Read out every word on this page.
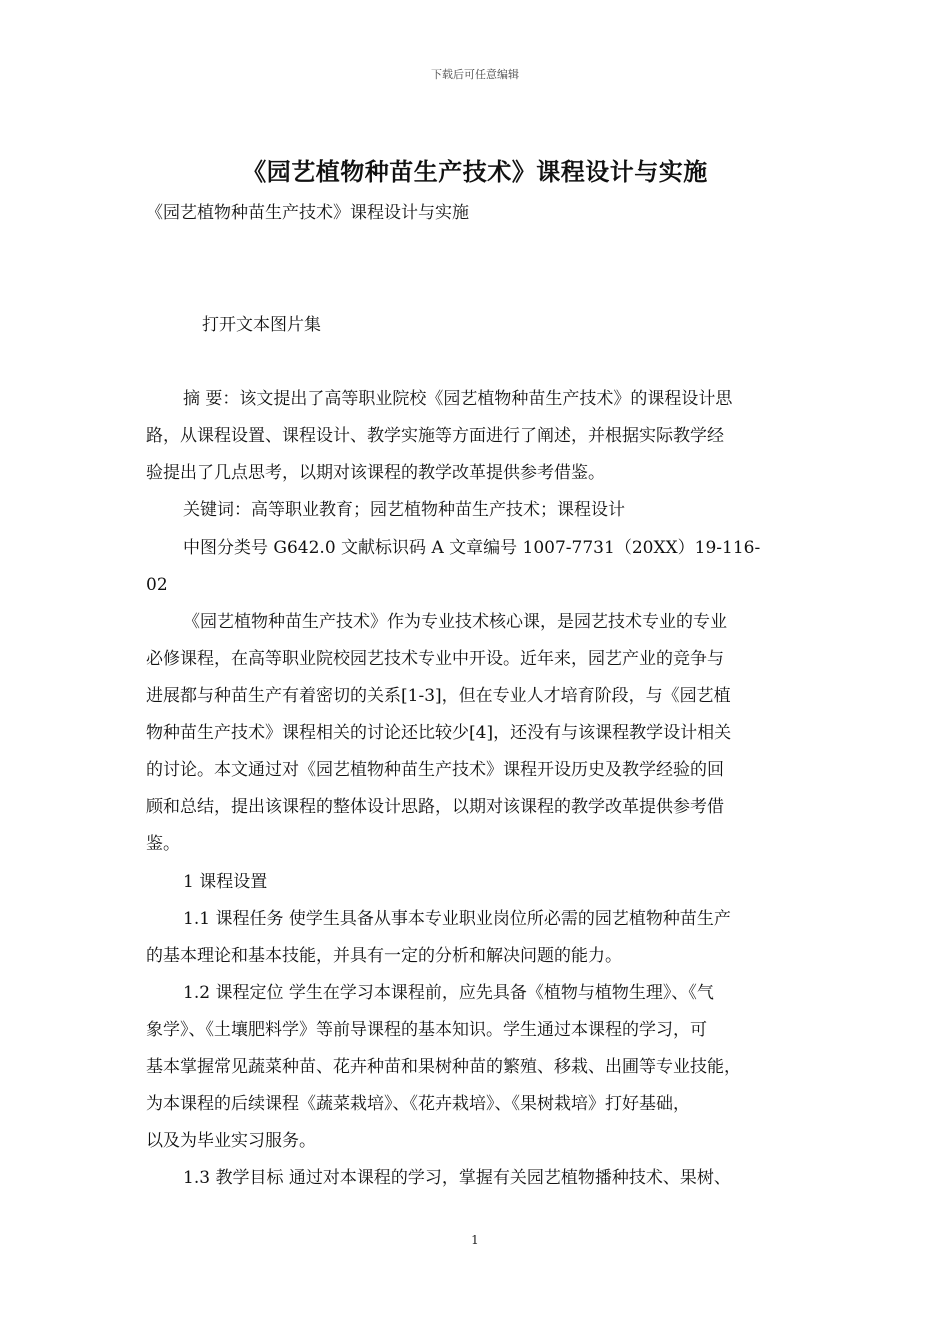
下载后可任意编辑
《园艺植物种苗生产技术》课程设计与实施
《园艺植物种苗生产技术》课程设计与实施
打开文本图片集
摘 要：该文提出了高等职业院校《园艺植物种苗生产技术》的课程设计思
路，从课程设置、课程设计、教学实施等方面进行了阐述，并根据实际教学经
验提出了几点思考，以期对该课程的教学改革提供参考借鉴。
关键词：高等职业教育；园艺植物种苗生产技术；课程设计
中图分类号 G642.0 文献标识码 A 文章编号 1007-7731（20XX）19-116-
02
《园艺植物种苗生产技术》作为专业技术核心课，是园艺技术专业的专业
必修课程，在高等职业院校园艺技术专业中开设。近年来，园艺产业的竞争与
进展都与种苗生产有着密切的关系[1-3]，但在专业人才培育阶段，与《园艺植
物种苗生产技术》课程相关的讨论还比较少[4]，还没有与该课程教学设计相关
的讨论。本文通过对《园艺植物种苗生产技术》课程开设历史及教学经验的回
顾和总结，提出该课程的整体设计思路，以期对该课程的教学改革提供参考借
鉴。
1 课程设置
1.1 课程任务 使学生具备从事本专业职业岗位所必需的园艺植物种苗生产
的基本理论和基本技能，并具有一定的分析和解决问题的能力。
1.2 课程定位 学生在学习本课程前，应先具备《植物与植物生理》、《气
象学》、《土壤肥料学》等前导课程的基本知识。学生通过本课程的学习，可
基本掌握常见蔬菜种苗、花卉种苗和果树种苗的繁殖、移栽、出圃等专业技能，
为本课程的后续课程《蔬菜栽培》、《花卉栽培》、《果树栽培》打好基础，
以及为毕业实习服务。
1.3 教学目标 通过对本课程的学习，掌握有关园艺植物播种技术、果树、
1
